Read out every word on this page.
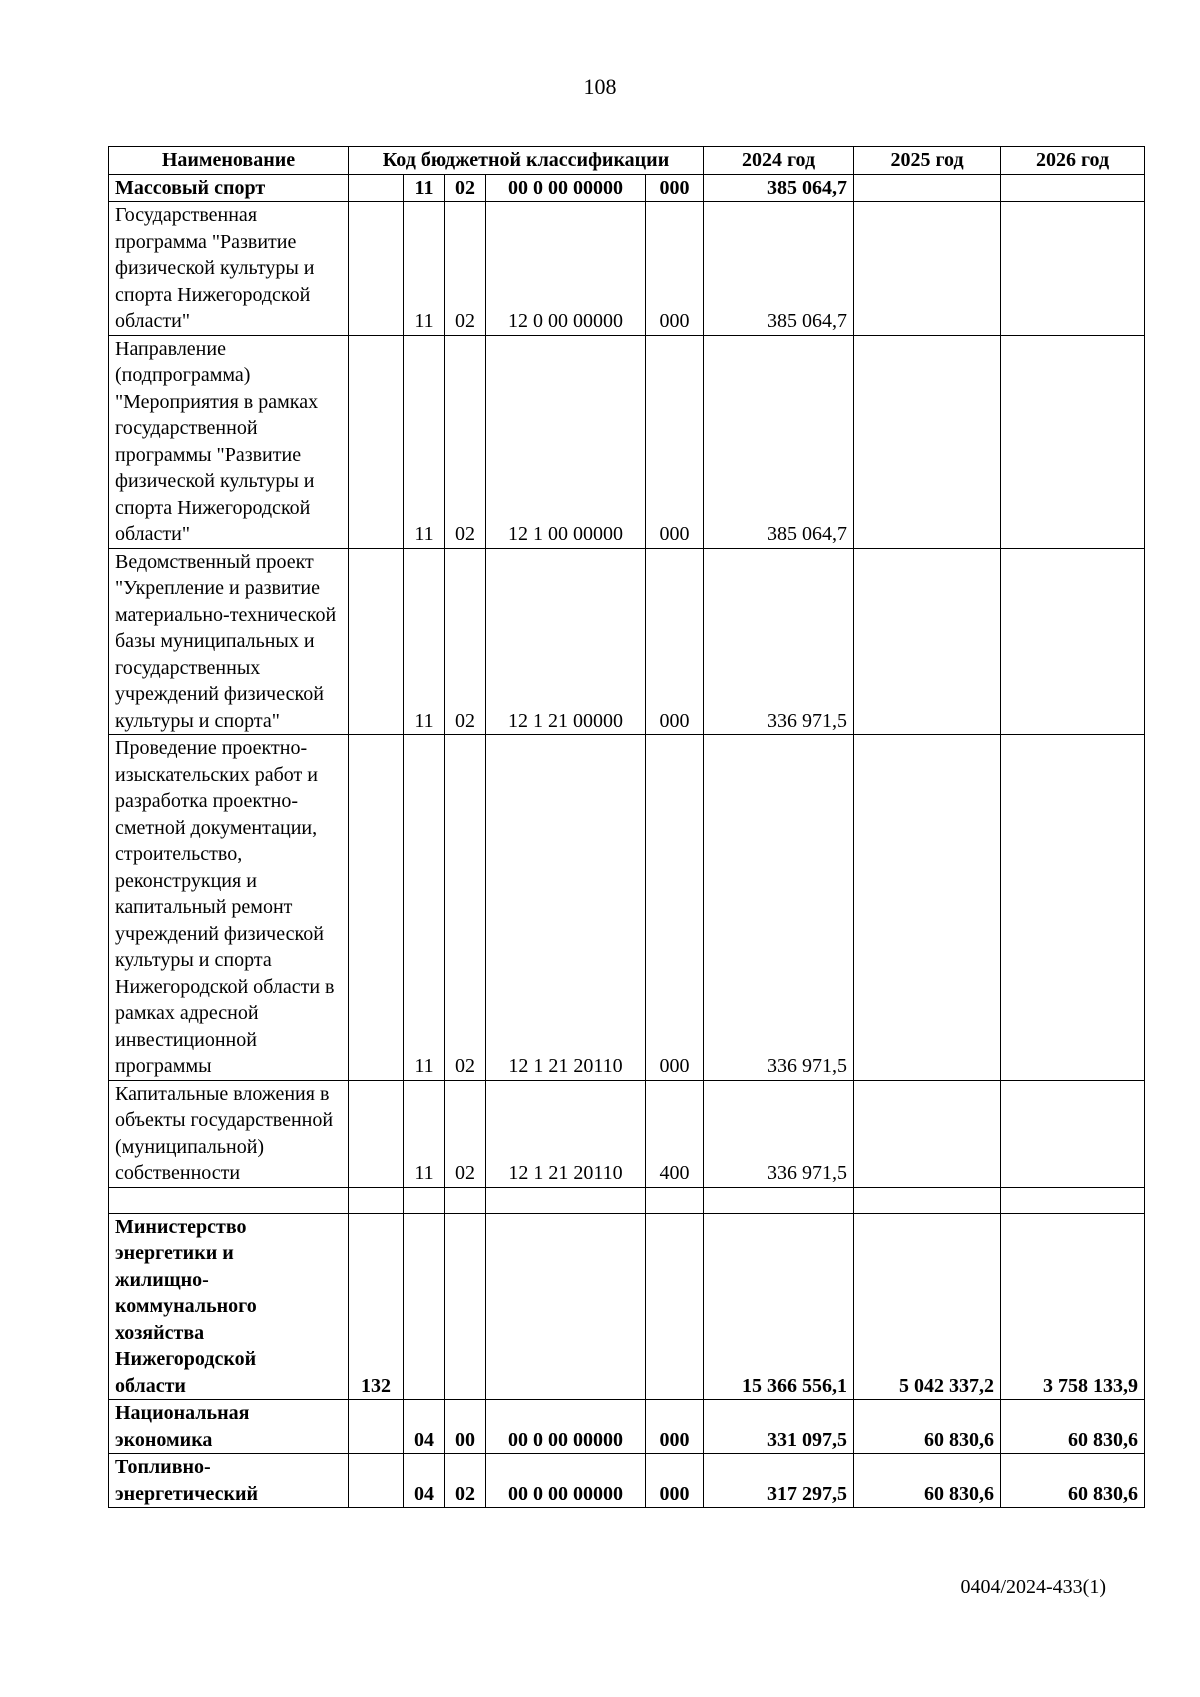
108
Наименование	Код бюджетной классификации					2024 год	2025 год	2026 год
Массовый спорт		11	02	00 0 00 00000	000	385 064,7		
Государственная программа "Развитие физической культуры и спорта Нижегородской области"		11	02	12 0 00 00000	000	385 064,7		
Направление (подпрограмма) "Мероприятия в рамках государственной программы "Развитие физической культуры и спорта Нижегородской области"		11	02	12 1 00 00000	000	385 064,7		
Ведомственный проект "Укрепление и развитие материально-технической базы муниципальных и государственных учреждений физической культуры и спорта"		11	02	12 1 21 00000	000	336 971,5		
Проведение проектно-изыскательских работ и разработка проектно-сметной документации, строительство, реконструкция и капитальный ремонт учреждений физической культуры и спорта Нижегородской области в рамках адресной инвестиционной программы		11	02	12 1 21 20110	000	336 971,5		
Капитальные вложения в объекты государственной (муниципальной) собственности		11	02	12 1 21 20110	400	336 971,5		

Министерство энергетики и жилищно-коммунального хозяйства Нижегородской области	132					15 366 556,1	5 042 337,2	3 758 133,9
Национальная экономика		04	00	00 0 00 00000	000	331 097,5	60 830,6	60 830,6
Топливно-энергетический		04	02	00 0 00 00000	000	317 297,5	60 830,6	60 830,6
0404/2024-433(1)
